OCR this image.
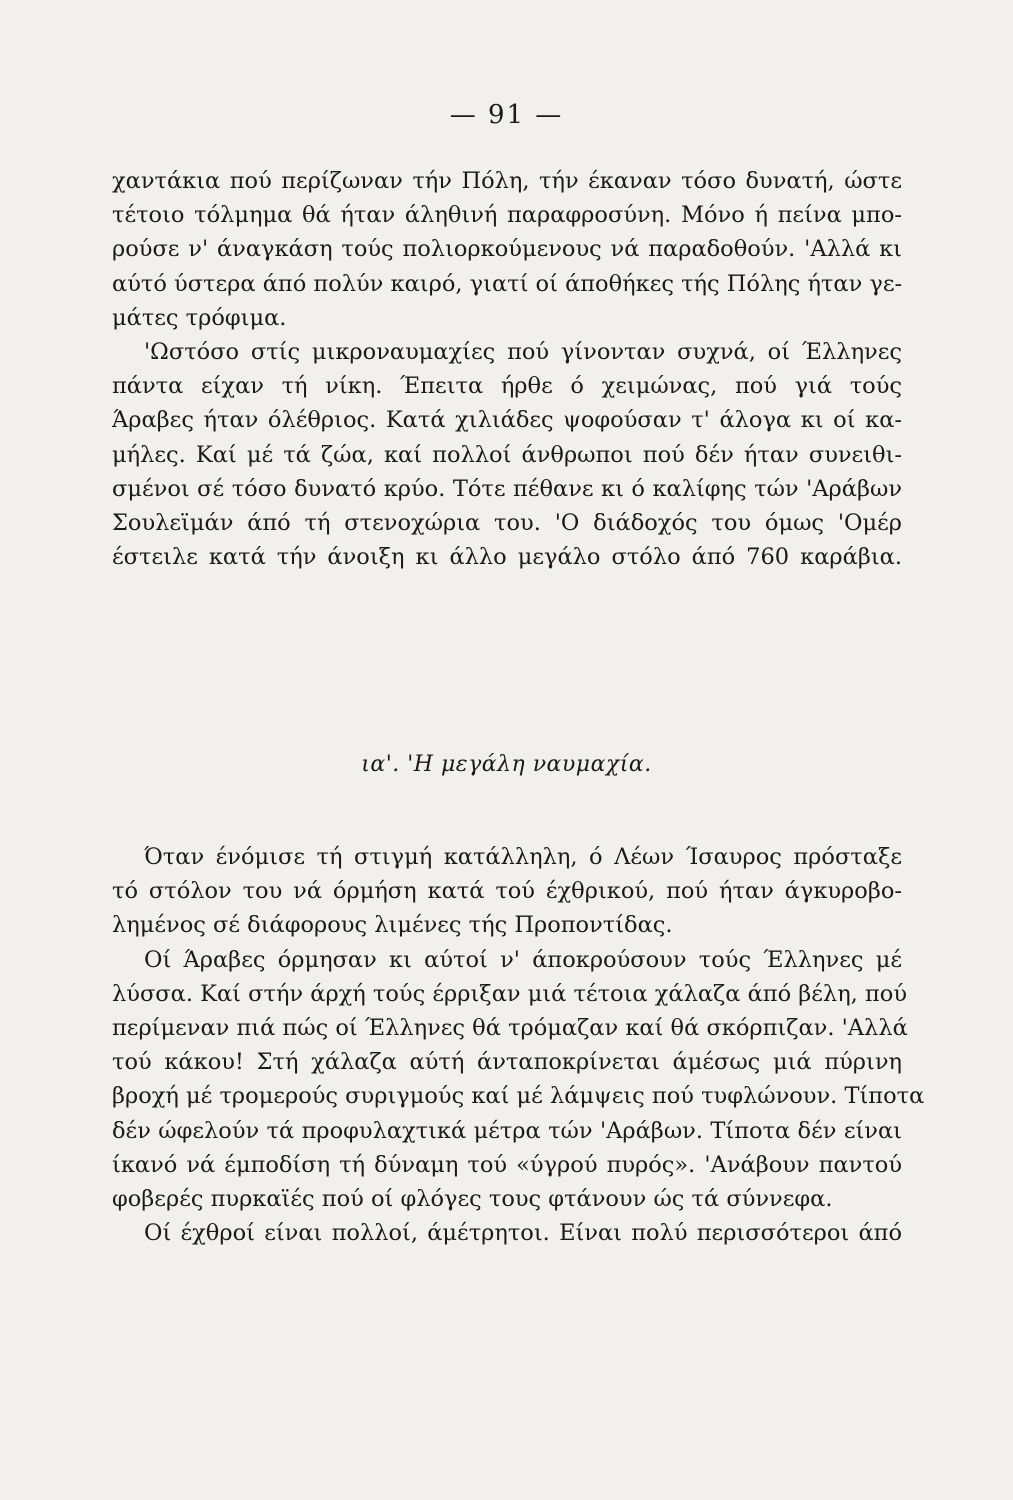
— 91 —
χαντάκια πού περίζωναν τήν Πόλη, τήν έκαναν τόσο δυνατή, ώστε
τέτοιο τόλμημα θά ήταν άληθινή παραφροσύνη. Μόνο ή πείνα μπο-
ρούσε ν' άναγκάση τούς πολιορκούμενους νά παραδοθούν. 'Αλλά κι
αύτό ύστερα άπό πολύν καιρό, γιατί οί άποθήκες τής Πόλης ήταν γε-
μάτες τρόφιμα.
'Ωστόσο στίς μικροναυμαχίες πού γίνονταν συχνά, οί Έλληνες
πάντα είχαν τή νίκη. Έπειτα ήρθε ό χειμώνας, πού γιά τούς
Άραβες ήταν όλέθριος. Κατά χιλιάδες ψοφούσαν τ' άλογα κι οί κα-
μήλες. Καί μέ τά ζώα, καί πολλοί άνθρωποι πού δέν ήταν συνειθι-
σμένοι σέ τόσο δυνατό κρύο. Τότε πέθανε κι ό καλίφης τών 'Αράβων
Σουλεϊμάν άπό τή στενοχώρια του. 'Ο διάδοχός του όμως 'Ομέρ
έστειλε κατά τήν άνοιξη κι άλλο μεγάλο στόλο άπό 760 καράβια.
ια'. 'Η μεγάλη ναυμαχία.
Όταν ένόμισε τή στιγμή κατάλληλη, ό Λέων Ίσαυρος πρόσταξε
τό στόλον του νά όρμήση κατά τού έχθρικού, πού ήταν άγκυροβο-
λημένος σέ διάφορους λιμένες τής Προποντίδας.
Οί Άραβες όρμησαν κι αύτοί ν' άποκρούσουν τούς Έλληνες μέ
λύσσα. Καί στήν άρχή τούς έρριξαν μιά τέτοια χάλαζα άπό βέλη, πού
περίμεναν πιά πώς οί Έλληνες θά τρόμαζαν καί θά σκόρπιζαν. 'Αλλά
τού κάκου! Στή χάλαζα αύτή άνταποκρίνεται άμέσως μιά πύρινη
βροχή μέ τρομερούς συριγμούς καί μέ λάμψεις πού τυφλώνουν. Τίποτα
δέν ώφελούν τά προφυλαχτικά μέτρα τών 'Αράβων. Τίποτα δέν είναι
ίκανό νά έμποδίση τή δύναμη τού «ύγρού πυρός». 'Ανάβουν παντού
φοβερές πυρκαϊές πού οί φλόγες τους φτάνουν ώς τά σύννεφα.
Οί έχθροί είναι πολλοί, άμέτρητοι. Είναι πολύ περισσότεροι άπό
